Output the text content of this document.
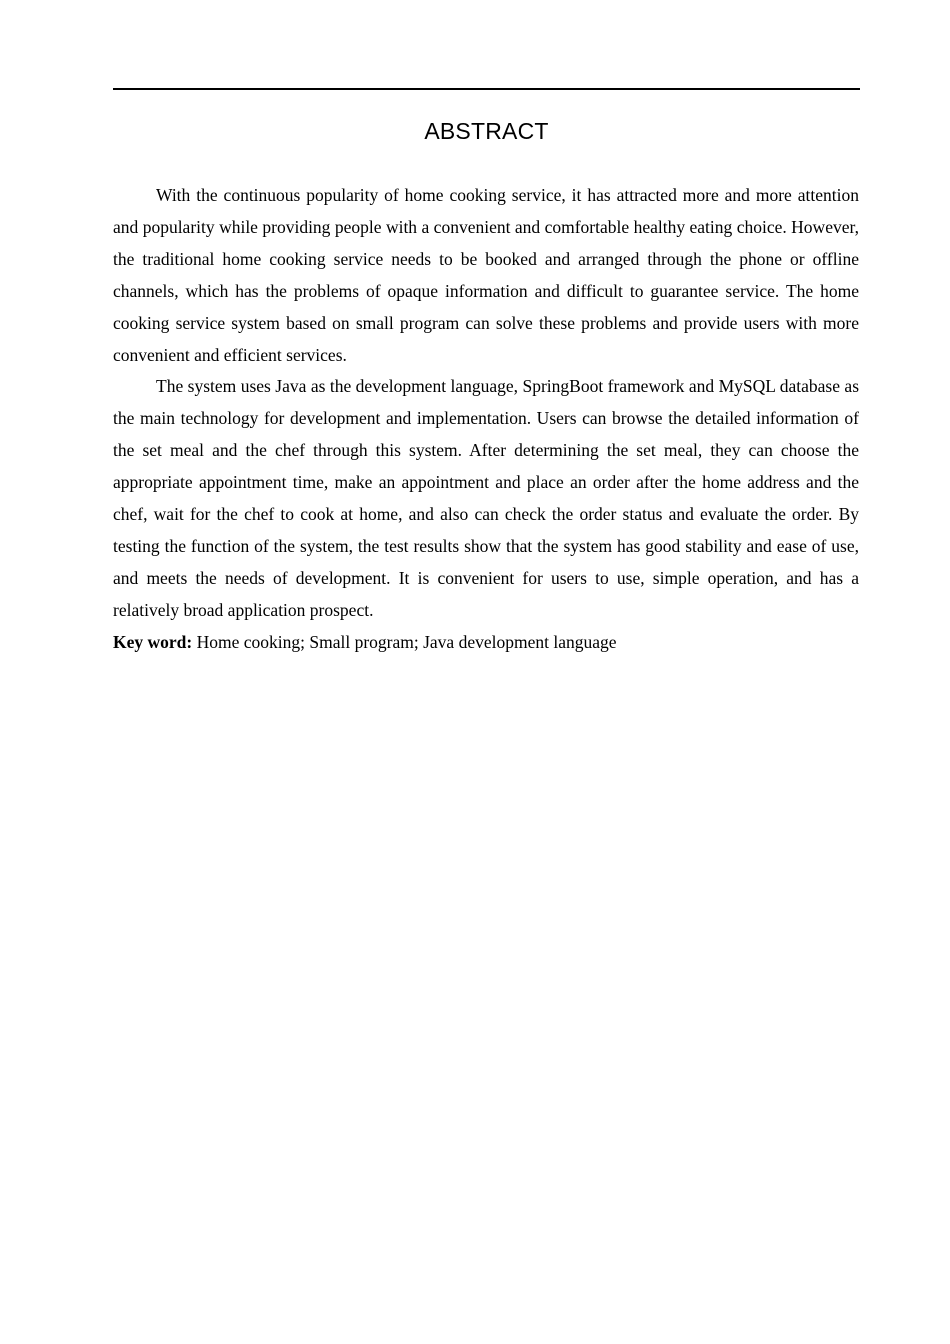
ABSTRACT

With the continuous popularity of home cooking service, it has attracted more and more attention and popularity while providing people with a convenient and comfortable healthy eating choice. However, the traditional home cooking service needs to be booked and arranged through the phone or offline channels, which has the problems of opaque information and difficult to guarantee service. The home cooking service system based on small program can solve these problems and provide users with more convenient and efficient services.

The system uses Java as the development language, SpringBoot framework and MySQL database as the main technology for development and implementation. Users can browse the detailed information of the set meal and the chef through this system. After determining the set meal, they can choose the appropriate appointment time, make an appointment and place an order after the home address and the chef, wait for the chef to cook at home, and also can check the order status and evaluate the order. By testing the function of the system, the test results show that the system has good stability and ease of use, and meets the needs of development. It is convenient for users to use, simple operation, and has a relatively broad application prospect.

Key word: Home cooking; Small program; Java development language
